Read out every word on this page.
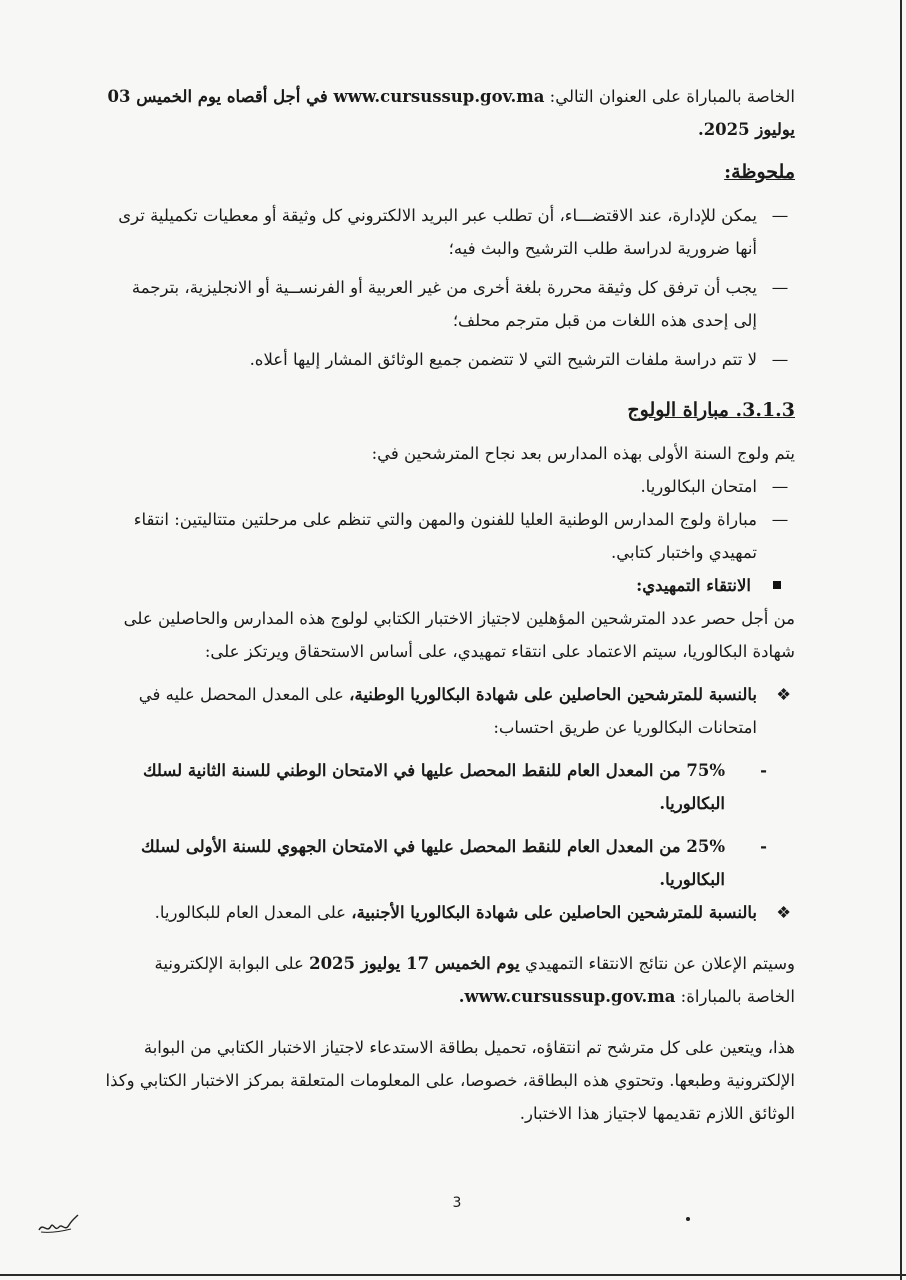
الخاصة بالمباراة على العنوان التالي: www.cursussup.gov.ma في أجل أقصاه يوم الخميس 03 يوليوز 2025.

ملحوظة:

—
يمكن للإدارة، عند الاقتضـــاء، أن تطلب عبر البريد الالكتروني كل وثيقة أو معطيات تكميلية ترى أنها ضرورية لدراسة طلب الترشيح والبث فيه؛
—
يجب أن ترفق كل وثيقة محررة بلغة أخرى من غير العربية أو الفرنســية أو الانجليزية، بترجمة إلى إحدى هذه اللغات من قبل مترجم محلف؛
—
لا تتم دراسة ملفات الترشيح التي لا تتضمن جميع الوثائق المشار إليها أعلاه.

3.1.3. مباراة الولوج

يتم ولوج السنة الأولى بهذه المدارس بعد نجاح المترشحين في:

—
امتحان البكالوريا.
—
مباراة ولوج المدارس الوطنية العليا للفنون والمهن والتي تنظم على مرحلتين متتاليتين: انتقاء تمهيدي واختبار كتابي.

الانتقاء التمهيدي:

من أجل حصر عدد المترشحين المؤهلين لاجتياز الاختبار الكتابي لولوج هذه المدارس والحاصلين على شهادة البكالوريا، سيتم الاعتماد على انتقاء تمهيدي، على أساس الاستحقاق ويرتكز على:

❖
بالنسبة للمترشحين الحاصلين على شهادة البكالوريا الوطنية، على المعدل المحصل عليه في امتحانات البكالوريا عن طريق احتساب:

-
75% من المعدل العام للنقط المحصل عليها في الامتحان الوطني للسنة الثانية لسلك البكالوريا.

-
25% من المعدل العام للنقط المحصل عليها في الامتحان الجهوي للسنة الأولى لسلك البكالوريا.

❖
بالنسبة للمترشحين الحاصلين على شهادة البكالوريا الأجنبية، على المعدل العام للبكالوريا.

وسيتم الإعلان عن نتائج الانتقاء التمهيدي يوم الخميس 17 يوليوز 2025 على البوابة الإلكترونية الخاصة بالمباراة: www.cursussup.gov.ma.

هذا، ويتعين على كل مترشح تم انتقاؤه، تحميل بطاقة الاستدعاء لاجتياز الاختبار الكتابي من البوابة الإلكترونية وطبعها. وتحتوي هذه البطاقة، خصوصا، على المعلومات المتعلقة بمركز الاختبار الكتابي وكذا الوثائق اللازم تقديمها لاجتياز هذا الاختبار.

3
